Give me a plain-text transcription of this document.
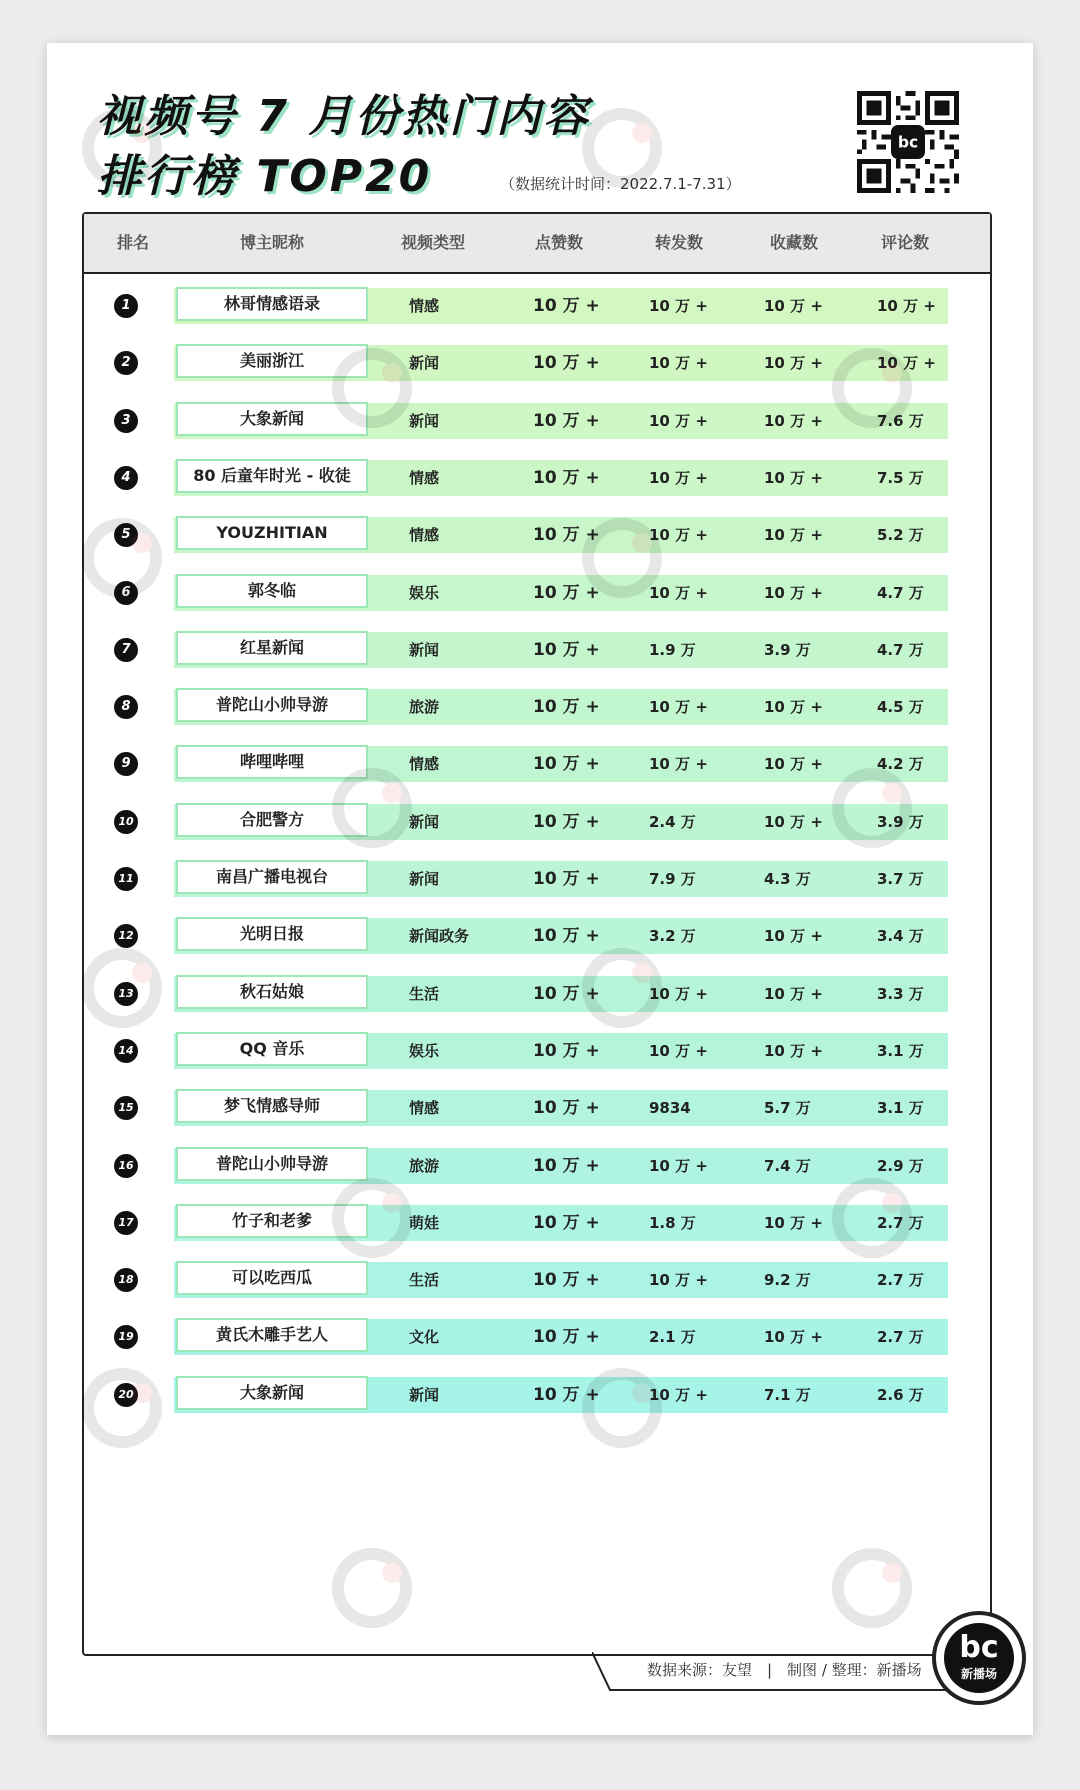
视频号 7 月份热门内容
排行榜 TOP20	（数据统计时间：2022.7.1-7.31）
bc
排名	博主昵称	视频类型	点赞数	转发数	收藏数	评论数
1	林哥情感语录	情感	10 万 +	10 万 +	10 万 +	10 万 +
2	美丽浙江	新闻	10 万 +	10 万 +	10 万 +	10 万 +
3	大象新闻	新闻	10 万 +	10 万 +	10 万 +	7.6 万
4	80 后童年时光 - 收徒	情感	10 万 +	10 万 +	10 万 +	7.5 万
5	YOUZHITIAN	情感	10 万 +	10 万 +	10 万 +	5.2 万
6	郭冬临	娱乐	10 万 +	10 万 +	10 万 +	4.7 万
7	红星新闻	新闻	10 万 +	1.9 万	3.9 万	4.7 万
8	普陀山小帅导游	旅游	10 万 +	10 万 +	10 万 +	4.5 万
9	哔哩哔哩	情感	10 万 +	10 万 +	10 万 +	4.2 万
10	合肥警方	新闻	10 万 +	2.4 万	10 万 +	3.9 万
11	南昌广播电视台	新闻	10 万 +	7.9 万	4.3 万	3.7 万
12	光明日报	新闻政务	10 万 +	3.2 万	10 万 +	3.4 万
13	秋石姑娘	生活	10 万 +	10 万 +	10 万 +	3.3 万
14	QQ 音乐	娱乐	10 万 +	10 万 +	10 万 +	3.1 万
15	梦飞情感导师	情感	10 万 +	9834	5.7 万	3.1 万
16	普陀山小帅导游	旅游	10 万 +	10 万 +	7.4 万	2.9 万
17	竹子和老爹	萌娃	10 万 +	1.8 万	10 万 +	2.7 万
18	可以吃西瓜	生活	10 万 +	10 万 +	9.2 万	2.7 万
19	黄氏木雕手艺人	文化	10 万 +	2.1 万	10 万 +	2.7 万
20	大象新闻	新闻	10 万 +	10 万 +	7.1 万	2.6 万
数据来源：友望　|　制图 / 整理：新播场
bc
新播场
